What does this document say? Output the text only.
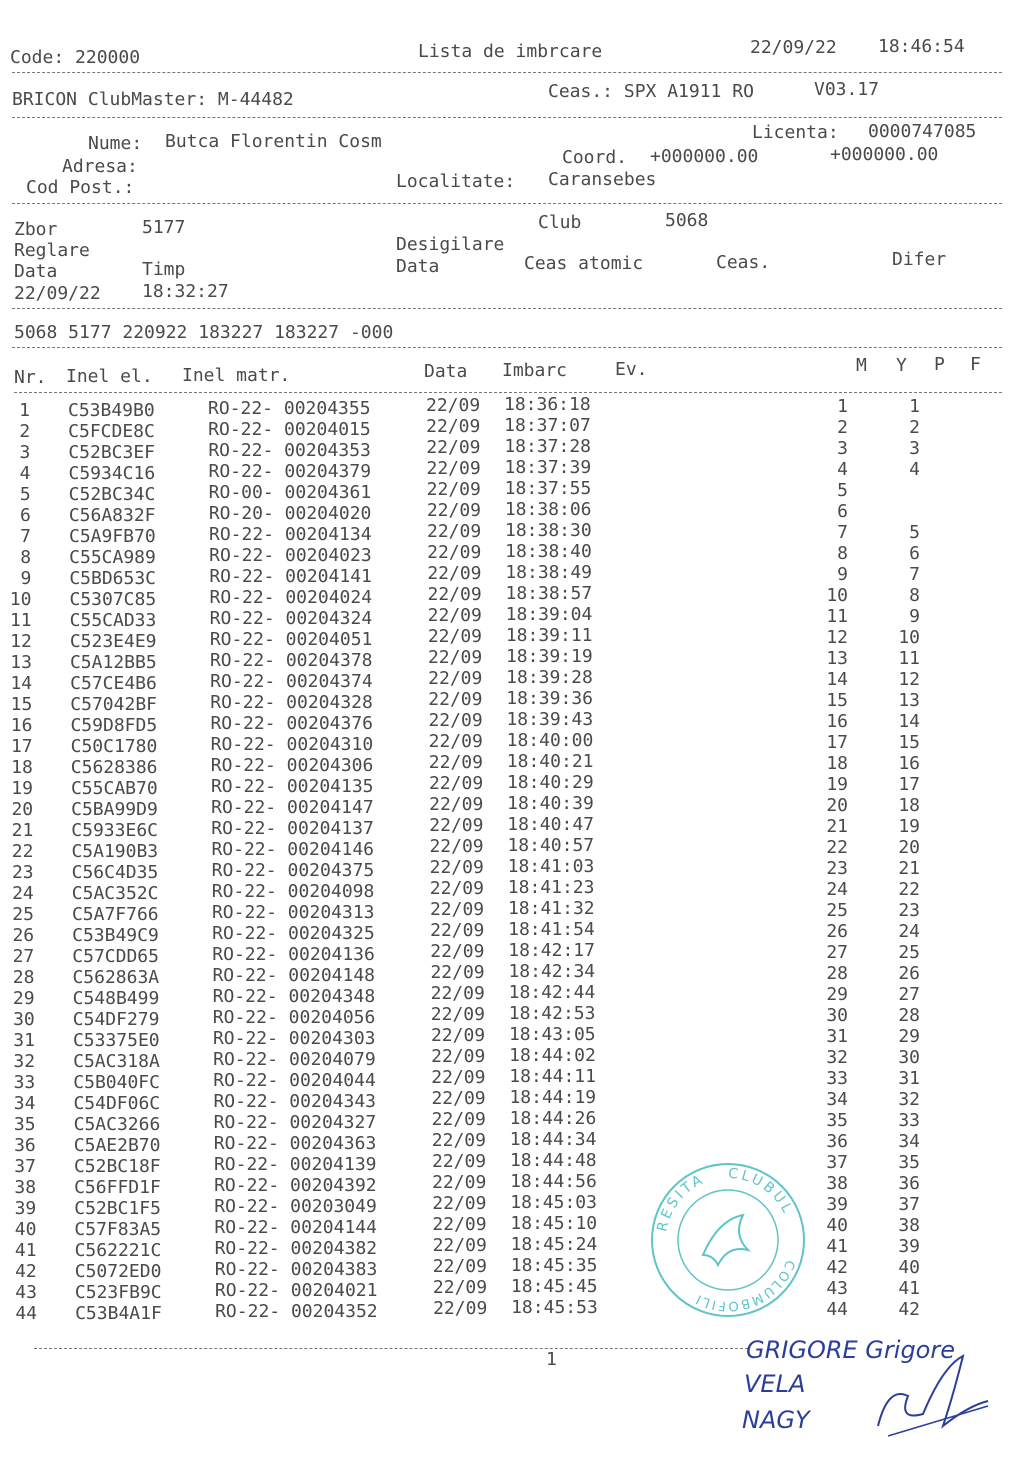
Code: 220000	Lista de imbrcare	22/09/22 18:46:54
BRICON ClubMaster: M-44482	Ceas.: SPX A1911 RO	V03.17
Nume: Butca Florentin Cosm	Licenta: 0000747085
Adresa:	Coord. +000000.00	+000000.00
Cod Post.:	Localitate: Caransebes
Zbor	5177	Club	5068
Reglare	Desigilare
Data	Timp	Data	Ceas atomic	Ceas.	Difer
22/09/22 18:32:27
5068 5177 220922 183227 183227 -000
Nr. Inel el. Inel matr.	Data Imbarc	Ev.	M Y P F
1 C53B49B0	RO-22- 00204355	22/09 18:36:18	1	1
2 C5FCDE8C	RO-22- 00204015	22/09 18:37:07	2	2
3 C52BC3EF	RO-22- 00204353	22/09 18:37:28	3	3
4 C5934C16	RO-22- 00204379	22/09 18:37:39	4	4
5 C52BC34C	RO-00- 00204361	22/09 18:37:55	5
6 C56A832F	RO-20- 00204020	22/09 18:38:06	6
7 C5A9FB70	RO-22- 00204134	22/09 18:38:30	7	5
8 C55CA989	RO-22- 00204023	22/09 18:38:40	8	6
9 C5BD653C	RO-22- 00204141	22/09 18:38:49	9	7
10 C5307C85	RO-22- 00204024	22/09 18:38:57	10	8
11 C55CAD33	RO-22- 00204324	22/09 18:39:04	11	9
12 C523E4E9	RO-22- 00204051	22/09 18:39:11	12	10
13 C5A12BB5	RO-22- 00204378	22/09 18:39:19	13	11
14 C57CE4B6	RO-22- 00204374	22/09 18:39:28	14	12
15 C57042BF	RO-22- 00204328	22/09 18:39:36	15	13
16 C59D8FD5	RO-22- 00204376	22/09 18:39:43	16	14
17 C50C1780	RO-22- 00204310	22/09 18:40:00	17	15
18 C5628386	RO-22- 00204306	22/09 18:40:21	18	16
19 C55CAB70	RO-22- 00204135	22/09 18:40:29	19	17
20 C5BA99D9	RO-22- 00204147	22/09 18:40:39	20	18
21 C5933E6C	RO-22- 00204137	22/09 18:40:47	21	19
22 C5A190B3	RO-22- 00204146	22/09 18:40:57	22	20
23 C56C4D35	RO-22- 00204375	22/09 18:41:03	23	21
24 C5AC352C	RO-22- 00204098	22/09 18:41:23	24	22
25 C5A7F766	RO-22- 00204313	22/09 18:41:32	25	23
26 C53B49C9	RO-22- 00204325	22/09 18:41:54	26	24
27 C57CDD65	RO-22- 00204136	22/09 18:42:17	27	25
28 C562863A	RO-22- 00204148	22/09 18:42:34	28	26
29 C548B499	RO-22- 00204348	22/09 18:42:44	29	27
30 C54DF279	RO-22- 00204056	22/09 18:42:53	30	28
31 C53375E0	RO-22- 00204303	22/09 18:43:05	31	29
32 C5AC318A	RO-22- 00204079	22/09 18:44:02	32	30
33 C5B040FC	RO-22- 00204044	22/09 18:44:11	33	31
34 C54DF06C	RO-22- 00204343	22/09 18:44:19	34	32
35 C5AC3266	RO-22- 00204327	22/09 18:44:26	35	33
36 C5AE2B70	RO-22- 00204363	22/09 18:44:34	36	34
37 C52BC18F	RO-22- 00204139	22/09 18:44:48	37	35
38 C56FFD1F	RO-22- 00204392	22/09 18:44:56	38	36
39 C52BC1F5	RO-22- 00203049	22/09 18:45:03	39	37
40 C57F83A5	RO-22- 00204144	22/09 18:45:10	40	38
41 C562221C	RO-22- 00204382	22/09 18:45:24	41	39
42 C5072ED0	RO-22- 00204383	22/09 18:45:35	42	40
43 C523FB9C	RO-22- 00204021	22/09 18:45:45	43	41
44 C53B4A1F	RO-22- 00204352	22/09 18:45:53	44	42
1
RESITA CLUBUL
COLUMBOFILI
GRIGORE Grigore
VELA
NAGY
